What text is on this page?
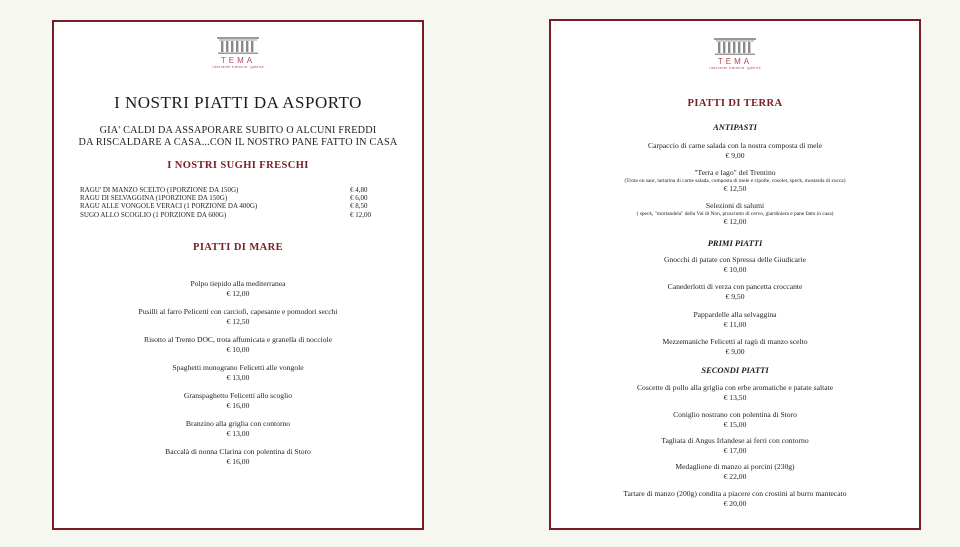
TEMA
ristorante trattoria ·galeria
I NOSTRI PIATTI DA ASPORTO
GIA' CALDI DA ASSAPORARE SUBITO O ALCUNI FREDDI
DA RISCALDARE A CASA...CON IL NOSTRO PANE FATTO IN CASA
I NOSTRI SUGHI FRESCHI
RAGU' DI MANZO SCELTO (1PORZIONE DA 150G)	€ 4,80
RAGU DI SELVAGGINA (1PORZIONE DA 150G)	€ 6,00
RAGU ALLE VONGOLE VERACI (1 PORZIONE DA 400G)	€ 8,50
SUGO ALLO SCOGLIO (1 PORZIONE DA 600G)	€ 12,00
PIATTI DI MARE
Polpo tiepido alla mediterranea
€ 12,00
Pusilli al farro Pelicetti con carciofi, capesante e pomodori secchi
€ 12,50
Risotto al Trento DOC, trota affumicata e granella di nocciole
€ 10,00
Spaghetti monograno Felicetti alle vongole
€ 13,00
Granspaghetto Felicetti allo scoglio
€ 16,00
Branzino alla griglia con contorno
€ 13,00
Baccalà di nonna Clarina con polentina di Storo
€ 16,00
TEMA
ristorante trattoria ·galeria
PIATTI DI TERRA
ANTIPASTI
Carpaccio di carne salada con la nostra composta di mele
€ 9,00
"Terra e lago" del Trentino
(Trota on saor, tartarina di carne salada, composta di mele e cipolle, cosolet, speck, mostarda di zucca)
€ 12,50
Selezioni di salumi
( speck, "mortandela" della Val di Non, prosciutto di cervo, giardiniera e pane fatto in casa)
€ 12,00
PRIMI PIATTI
Gnocchi di patate con Spressa delle Giudicarie
€ 10,00
Canederlotti di verza con pancetta croccante
€ 9,50
Pappardelle alla selvaggina
€ 11,00
Mezzemaniche Felicetti al ragù di manzo scelto
€ 9,00
SECONDI PIATTI
Coscette di pollo alla griglia con erbe aromatiche e patate saltate
€ 13,50
Coniglio nostrano con polentina di Storo
€ 15,00
Tagliata di Angus Irlandese ai ferri con contorno
€ 17,00
Medaglione di manzo ai porcini (230g)
€ 22,00
Tartare di manzo (200g) condita a piacere con crostini al burro mantecato
€ 20,00
